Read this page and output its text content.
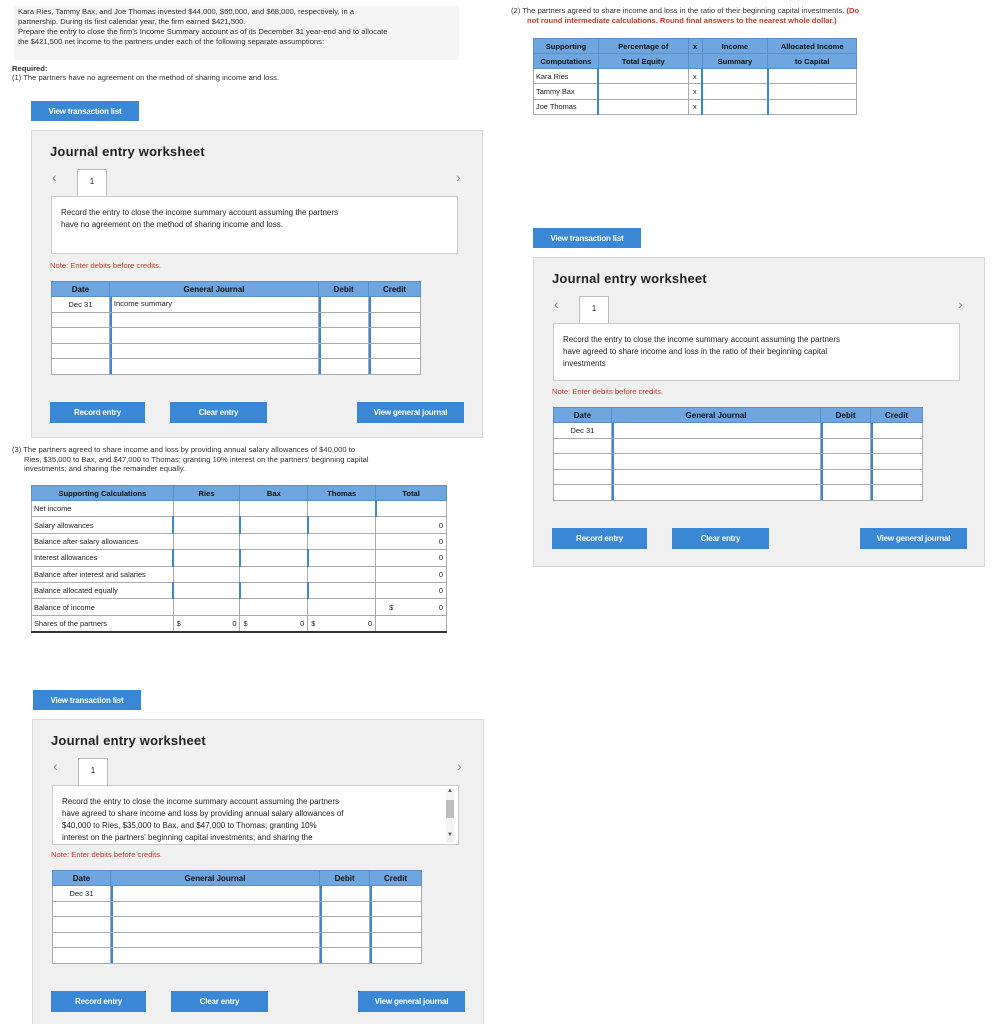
Kara Ries, Tammy Bax, and Joe Thomas invested $44,000, $60,000, and $68,000, respectively, in a
partnership. During its first calendar year, the firm earned $421,500.
Prepare the entry to close the firm's Income Summary account as of its December 31 year-end and to allocate
the $421,500 net income to the partners under each of the following separate assumptions:
Required:
(1) The partners have no agreement on the method of sharing income and loss.
View transaction list
Journal entry worksheet
‹	›
1
Record the entry to close the income summary account assuming the partners
have no agreement on the method of sharing income and loss.
Note: Enter debits before credits.
Date	General Journal	Debit	Credit
Dec 31	Income summary		

Record entry	Clear entry	View general journal
(3) The partners agreed to share income and loss by providing annual salary allowances of $40,000 to
Ries, $35,000 to Bax, and $47,000 to Thomas; granting 10% interest on the partners' beginning capital
investments; and sharing the remainder equally.
Supporting Calculations	Ries	Bax	Thomas	Total
Net income				
Salary allowances				0
Balance after salary allowances				0
Interest allowances				0
Balance after interest and salaries				0
Balance allocated equally				0
Balance of income				$ 0

Shares of the partners	$ 0	$ 0	$ 0	

View transaction list
Journal entry worksheet
‹	›
1
Record the entry to close the income summary account assuming the partners
have agreed to share income and loss by providing annual salary allowances of
$40,000 to Ries, $35,000 to Bax, and $47,000 to Thomas; granting 10%
interest on the partners' beginning capital investments; and sharing the
▲
▼
Note: Enter debits before credits.
Date	General Journal	Debit	Credit
Dec 31	

Record entry	Clear entry	View general journal
(2) The partners agreed to share income and loss in the ratio of their beginning capital investments. (Do
not round intermediate calculations. Round final answers to the nearest whole dollar.)
Supporting	Percentage of	x	Income	Allocated Income
Computations	Total Equity		Summary	to Capital
Kara Ries		x		
Tammy Bax		x		
Joe Thomas		x		
View transaction list
Journal entry worksheet
‹	›
1
Record the entry to close the income summary account assuming the partners
have agreed to share income and loss in the ratio of their beginning capital
investments
Note: Enter debits before credits.
Date	General Journal	Debit	Credit
Dec 31	

Record entry	Clear entry	View general journal
